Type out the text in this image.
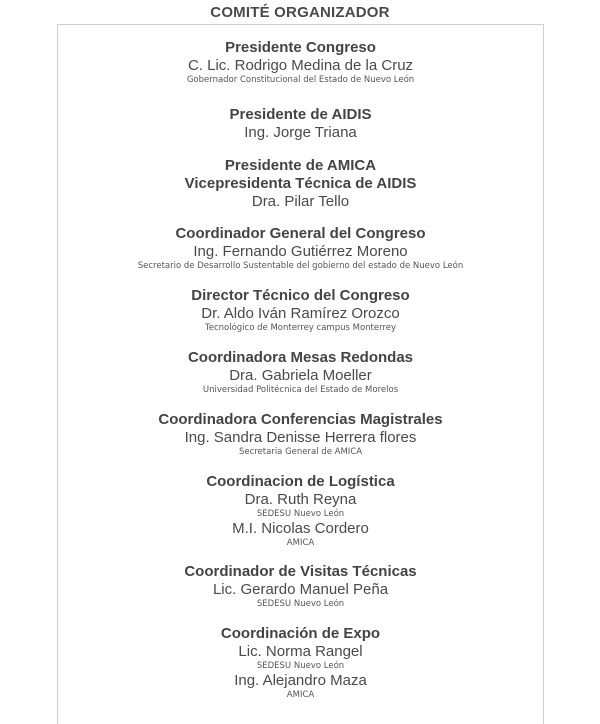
COMITÉ ORGANIZADOR
Presidente Congreso
C. Lic. Rodrigo Medina de la Cruz
Gobernador Constitucional del Estado de Nuevo León
Presidente de AIDIS
Ing. Jorge Triana
Presidente de AMICA
Vicepresidenta Técnica de AIDIS
Dra. Pilar Tello
Coordinador General del Congreso
Ing. Fernando Gutiérrez Moreno
Secretario de Desarrollo Sustentable del gobierno del estado de Nuevo León
Director Técnico del Congreso
Dr. Aldo Iván Ramírez Orozco
Tecnológico de Monterrey campus Monterrey
Coordinadora Mesas Redondas
Dra. Gabriela Moeller
Universidad Politécnica del Estado de Morelos
Coordinadora Conferencias Magistrales
Ing. Sandra Denisse Herrera flores
Secretaria General de AMICA
Coordinacion de Logística
Dra. Ruth Reyna
SEDESU Nuevo León
M.I. Nicolas Cordero
AMICA
Coordinador de Visitas Técnicas
Lic. Gerardo Manuel Peña
SEDESU Nuevo León
Coordinación de Expo
Lic. Norma Rangel
SEDESU Nuevo León
Ing. Alejandro Maza
AMICA
